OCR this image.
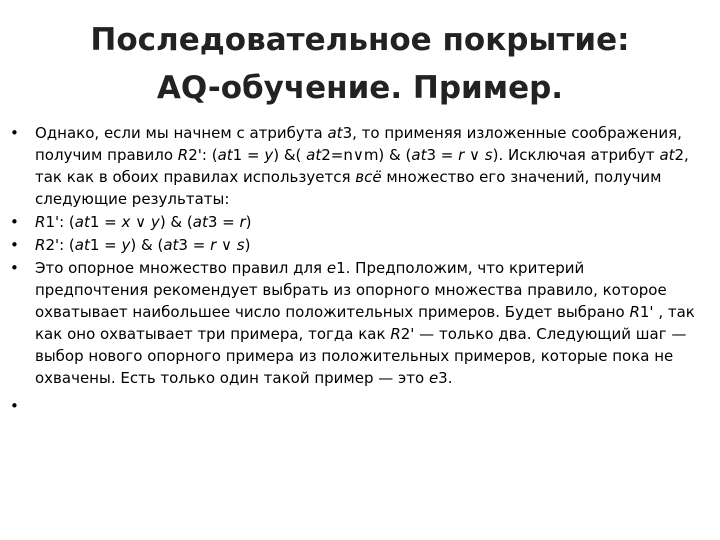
Последовательное покрытие:
AQ-обучение. Пример.
•	Однако, если мы начнем с атрибута at3, то применяя изложенные соображения, получим правило R2': (at1 = y) &( at2=n∨m) & (at3 = r ∨ s). Исключая атрибут at2, так как в обоих правилах используется всё множество его значений, получим следующие результаты:
•	R1': (at1 = x ∨ y) & (at3 = r)
•	R2': (at1 = y) & (at3 = r ∨ s)
•	Это опорное множество правил для e1. Предположим, что критерий предпочтения рекомендует выбрать из опорного множества правило, которое охватывает наибольшее число положительных примеров. Будет выбрано R1' , так как оно охватывает три примера, тогда как R2' — только два. Следующий шаг — выбор нового опорного примера из положительных примеров, которые пока не охвачены. Есть только один такой пример — это e3.
•
